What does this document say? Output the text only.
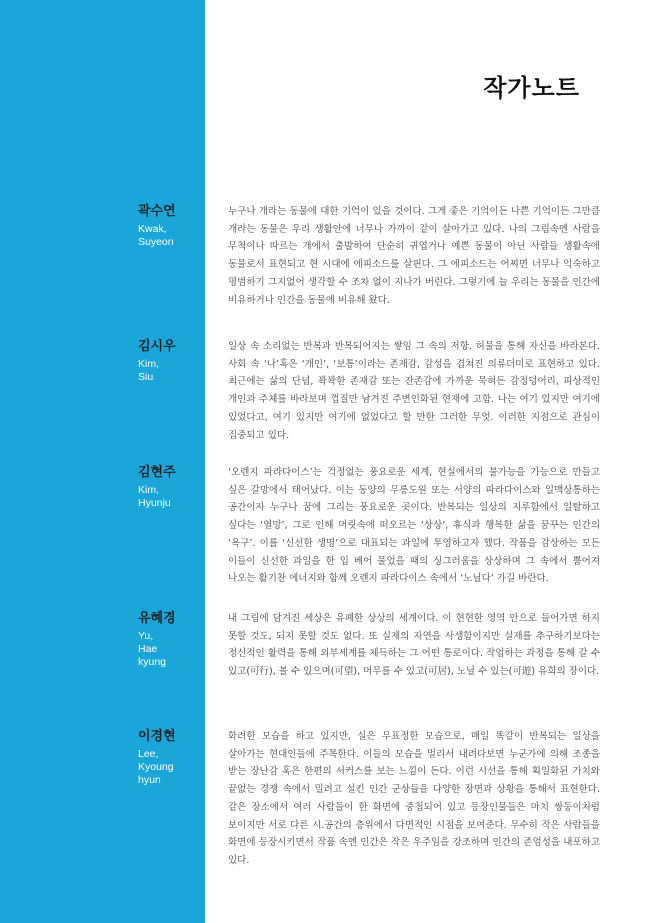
작가노트
곽수연
Kwak,
Suyeon

누구나 개라는 동물에 대한 기억이 있을 것이다. 그게 좋은 기억이든 나쁜 기억이든 그만큼 개라는 동물은 우리 생활안에 너무나 가까이 같이 살아가고 있다. 나의 그림속엔 사람을 무척이나 따르는 개에서 출발하여 단순히 귀엽거나 예쁜 동물이 아닌 사람들 생활속에 동물로서 표현되고 현 시대에 에피소드를 살핀다. 그 에피소드는 어찌면 너무나 익숙하고 평범하기 그지없어 생각할 수 조차 없이 지나가 버린다. 그렇기에 늘 우리는 동물을 인간에 비유하거나 인간을 동물에 비유해 왔다.

김시우
Kim,
Siu

일상 속 소리없는 반복과 반복되어지는 쌓임 그 속의 저항. 허물을 통해 자신을 바라본다. 사회 속 ‘나’혹은 ‘개인’, ‘보통’이라는 존재감, 감성을 겹쳐진 의류더미로 표현하고 있다. 최근에는 삶의 단념, 꽉꽉한 존재감 또는 잔존감에 가까운 묵혀든 감정덩어리, 피상적인 개인과 주체를 바라보며 껍질만 남겨진 주변인화된 현재에 고함. 나는 여기 있지만 여기에 있었다고, 여기 있지만 여기에 없었다고 할 만한 그러한 무엇. 이러한 지점으로 관심이 집중되고 있다.

김현주
Kim,
Hyunju

‘오렌지 파라다이스’는 걱정없는 풍요로운 세계, 현실에서의 불가능을 가능으로 만들고 싶은 갈망에서 태어났다. 이는 동양의 무릉도원 또는 서양의 파라다이스와 일맥상통하는 공간이자 누구나 꿈에 그리는 풍요로운 곳이다. 반복되는 일상의 지루함에서 일탈하고 싶다는 ‘열망’, 그로 인해 머릿속에 떠오르는 ‘상상’, 휴식과 행복한 삶을 꿈꾸는 인간의 ‘욕구’. 이를 ‘신선한 생명’으로 대표되는 과일에 투영하고자 했다. 작품을 감상하는 모든 이들이 신선한 과일을 한 입 베어 물었을 때의 싱그러움을 상상하며 그 속에서 뿜어져 나오는 활기찬 에너지와 함께 오렌지 파라다이스 속에서 ‘노닐다’ 가길 바란다.

유혜경
Yu,
Hae
kyung

내 그림에 담겨진 세상은 유폐한 상상의 세계이다. 이 현현한 영역 안으로 들어가면 하지 못할 것도, 되지 못할 것도 없다. 또 실제의 자연을 사생함이지만 실재를 추구하기보다는 정신적인 활력을 통해 외부세계를 체득하는 그 어떤 통로이다. 작업하는 과정을 통해 갈 수 있고(可行), 볼 수 있으며(可望), 머무를 수 있고(可居), 노닐 수 있는(可遊) 유희의 장이다.

이경현
Lee,
Kyoung
hyun

화려한 모습을 하고 있지만, 실은 무표정한 모습으로, 매일 똑같이 반복되는 일상을 살아가는 현대인들에 주목한다. 이들의 모습을 멀리서 내려다보면 누군가에 의해 조종을 받는 장난감 혹은 한편의 서커스를 보는 느낌이 든다. 이런 시선을 통해 획일화된 가치와 끝없는 경쟁 속에서 밀려고 설킨 인간 군상들을 다양한 장면과 상황을 통해서 표현한다. 같은 장소에서 여러 사람들이 한 화면에 중첩되어 있고 등장인물들은 마치 쌍둥이처럼 보이지만 서로 다른 시.공간의 층위에서 다면적인 시점을 보여준다. 무수히 작은 사람들을 화면에 등장시키면서 작품 속엔 인간은 작은 우주임을 강조하며 인간의 존엄성을 내포하고 있다.
